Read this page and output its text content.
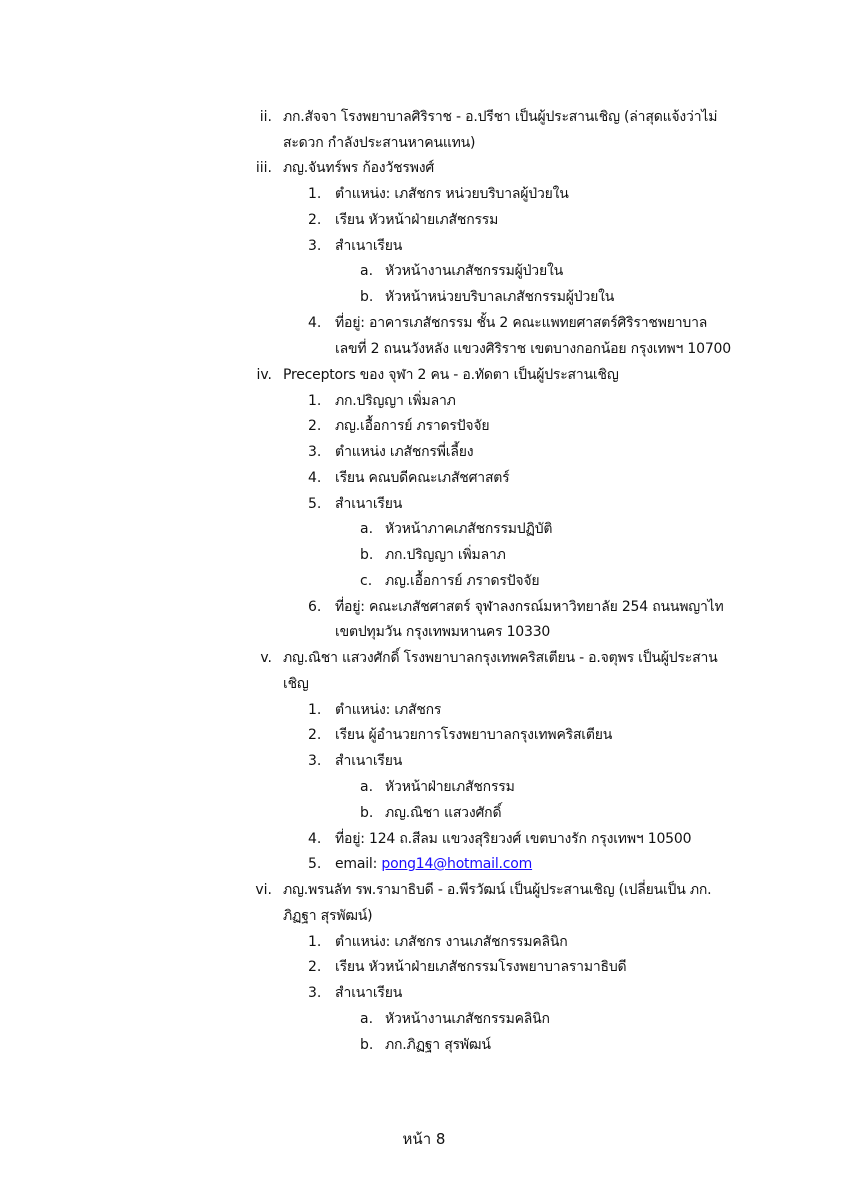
ii. ภก.สัจจา โรงพยาบาลศิริราช - อ.ปรีชา เป็นผู้ประสานเชิญ (ล่าสุดแจ้งว่าไม่
สะดวก กำลังประสานหาคนแทน)
iii. ภญ.จันทร์พร ก้องวัชรพงศ์
1. ตำแหน่ง: เภสัชกร หน่วยบริบาลผู้ป่วยใน
2. เรียน หัวหน้าฝ่ายเภสัชกรรม
3. สำเนาเรียน
a. หัวหน้างานเภสัชกรรมผู้ป่วยใน
b. หัวหน้าหน่วยบริบาลเภสัชกรรมผู้ป่วยใน
4. ที่อยู่: อาคารเภสัชกรรม ชั้น 2 คณะแพทยศาสตร์ศิริราชพยาบาล
เลขที่ 2 ถนนวังหลัง แขวงศิริราช เขตบางกอกน้อย กรุงเทพฯ 10700
iv. Preceptors ของ จุฬา 2 คน - อ.ทัดตา เป็นผู้ประสานเชิญ
1. ภก.ปริญญา เพิ่มลาภ
2. ภญ.เอื้อการย์ ภราดรปัจจัย
3. ตำแหน่ง เภสัชกรพี่เลี้ยง
4. เรียน คณบดีคณะเภสัชศาสตร์
5. สำเนาเรียน
a. หัวหน้าภาคเภสัชกรรมปฏิบัติ
b. ภก.ปริญญา เพิ่มลาภ
c. ภญ.เอื้อการย์ ภราดรปัจจัย
6. ที่อยู่: คณะเภสัชศาสตร์ จุฬาลงกรณ์มหาวิทยาลัย 254 ถนนพญาไท
เขตปทุมวัน กรุงเทพมหานคร 10330
v. ภญ.ณิชา แสวงศักดิ์ โรงพยาบาลกรุงเทพคริสเตียน - อ.จตุพร เป็นผู้ประสาน
เชิญ
1. ตำแหน่ง: เภสัชกร
2. เรียน ผู้อำนวยการโรงพยาบาลกรุงเทพคริสเตียน
3. สำเนาเรียน
a. หัวหน้าฝ่ายเภสัชกรรม
b. ภญ.ณิชา แสวงศักดิ์
4. ที่อยู่: 124 ถ.สีลม แขวงสุริยวงศ์ เขตบางรัก กรุงเทพฯ 10500
5. email: pong14@hotmail.com
vi. ภญ.พรนลัท รพ.รามาธิบดี - อ.พีรวัฒน์ เป็นผู้ประสานเชิญ (เปลี่ยนเป็น ภก.
ภิฏฐา สุรพัฒน์)
1. ตำแหน่ง: เภสัชกร งานเภสัชกรรมคลินิก
2. เรียน หัวหน้าฝ่ายเภสัชกรรมโรงพยาบาลรามาธิบดี
3. สำเนาเรียน
a. หัวหน้างานเภสัชกรรมคลินิก
b. ภก.ภิฏฐา สุรพัฒน์
หน้า 8
